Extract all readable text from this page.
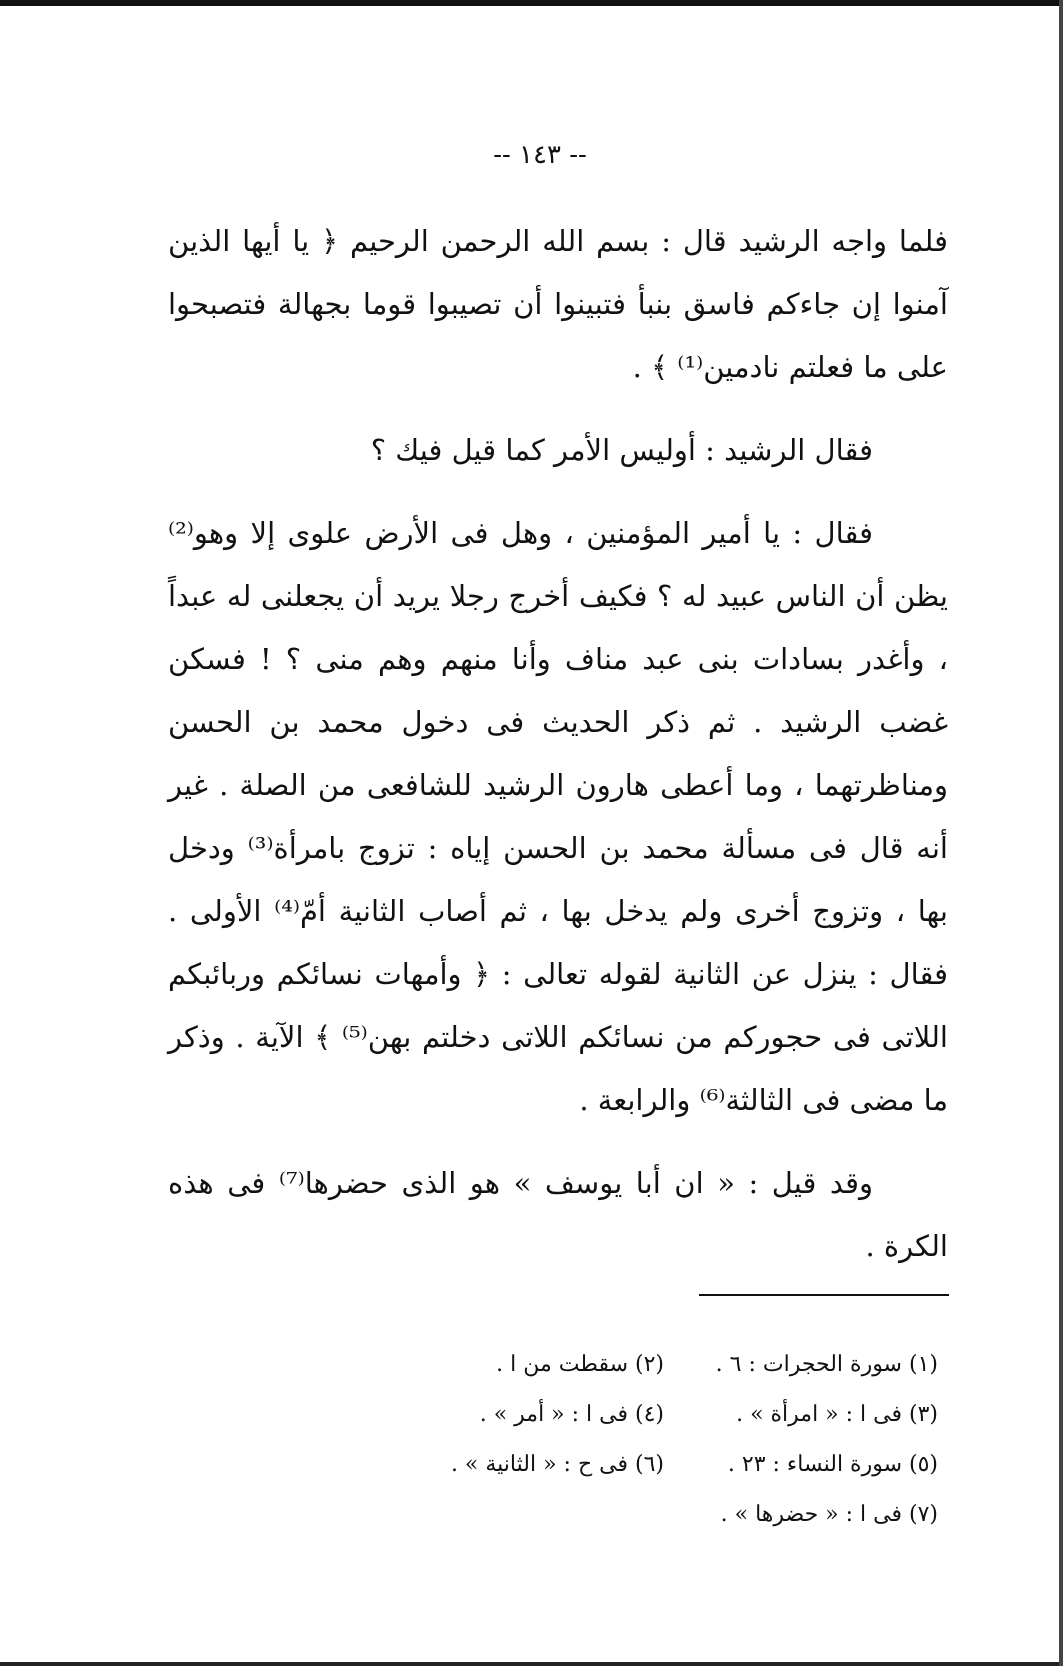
-- ١٤٣ --

فلما واجه الرشيد قال : بسم الله الرحمن الرحيم ﴿ يا أيها الذين آمنوا إن جاءكم فاسق بنبأ فتبينوا أن تصيبوا قوما بجهالة فتصبحوا على ما فعلتم نادمين⁽¹⁾ ﴾ .

فقال الرشيد : أوليس الأمر كما قيل فيك ؟

فقال : يا أمير المؤمنين ، وهل فى الأرض علوى إلا وهو⁽²⁾ يظن أن الناس عبيد له ؟ فكيف أخرج رجلا يريد أن يجعلنى له عبداً ، وأغدر بسادات بنى عبد مناف وأنا منهم وهم منى ؟ ! فسكن غضب الرشيد . ثم ذكر الحديث فى دخول محمد بن الحسن ومناظرتهما ، وما أعطى هارون الرشيد للشافعى من الصلة . غير أنه قال فى مسألة محمد بن الحسن إياه : تزوج بامرأة⁽³⁾ ودخل بها ، وتزوج أخرى ولم يدخل بها ، ثم أصاب الثانية أمّ⁽⁴⁾ الأولى . فقال : ينزل عن الثانية لقوله تعالى : ﴿ وأمهات نسائكم وربائبكم اللاتى فى حجوركم من نسائكم اللاتى دخلتم بهن⁽⁵⁾ ﴾ الآية . وذكر ما مضى فى الثالثة⁽⁶⁾ والرابعة .

وقد قيل : « ان أبا يوسف » هو الذى حضرها⁽⁷⁾ فى هذه الكرة .

(١) سورة الحجرات : ٦ .
(٢) سقطت من ا .
(٣) فى ا : « امرأة » .
(٤) فى ا : « أمر » .
(٥) سورة النساء : ٢٣ .
(٦) فى ح : « الثانية » .
(٧) فى ا : « حضرها » .
